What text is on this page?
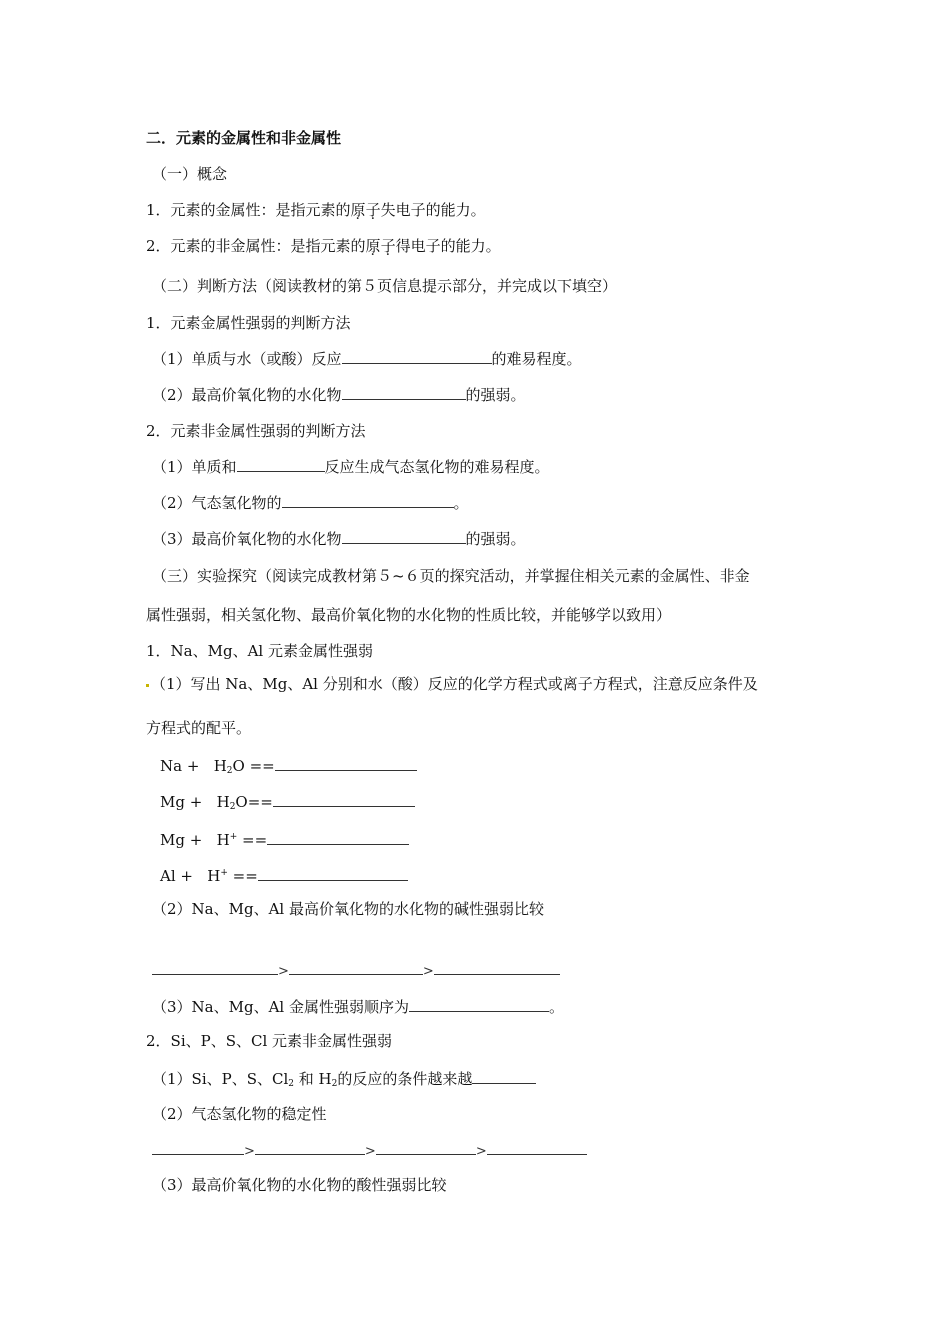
二．元素的金属性和非金属性
（一）概念
1．元素的金属性：是指元素的原子失电子的能力。
2．元素的非金属性：是指元素的原子得电子的能力。
（二）判断方法（阅读教材的第５页信息提示部分，并完成以下填空）
1．元素金属性强弱的判断方法
（1）单质与水（或酸）反应	的难易程度。
（2）最高价氧化物的水化物	的强弱。
2．元素非金属性强弱的判断方法
（1）单质和	反应生成气态氢化物的难易程度。
（2）气态氢化物的	。
（3）最高价氧化物的水化物	的强弱。
（三）实验探究（阅读完成教材第５~６页的探究活动，并掌握住相关元素的金属性、非金
属性强弱，相关氢化物、最高价氧化物的水化物的性质比较，并能够学以致用）
1．Na、Mg、Al 元素金属性强弱
（1）写出 Na、Mg、Al 分别和水（酸）反应的化学方程式或离子方程式，注意反应条件及
方程式的配平。
$Na + H_2O$ ==
$Mg + H_2O==$
Mg +   H+ ==
Al +   H+ ==
（2）Na、Mg、Al 最高价氧化物的水化物的碱性强弱比较
>	>
（3）Na、Mg、Al 金属性强弱顺序为	。
2．Si、P、S、Cl 元素非金属性强弱
（1）Si、P、S、$Cl_2$ 和 $H_2$的反应的条件越来越
（2）气态氢化物的稳定性
>	>	>
（3）最高价氧化物的水化物的酸性强弱比较
